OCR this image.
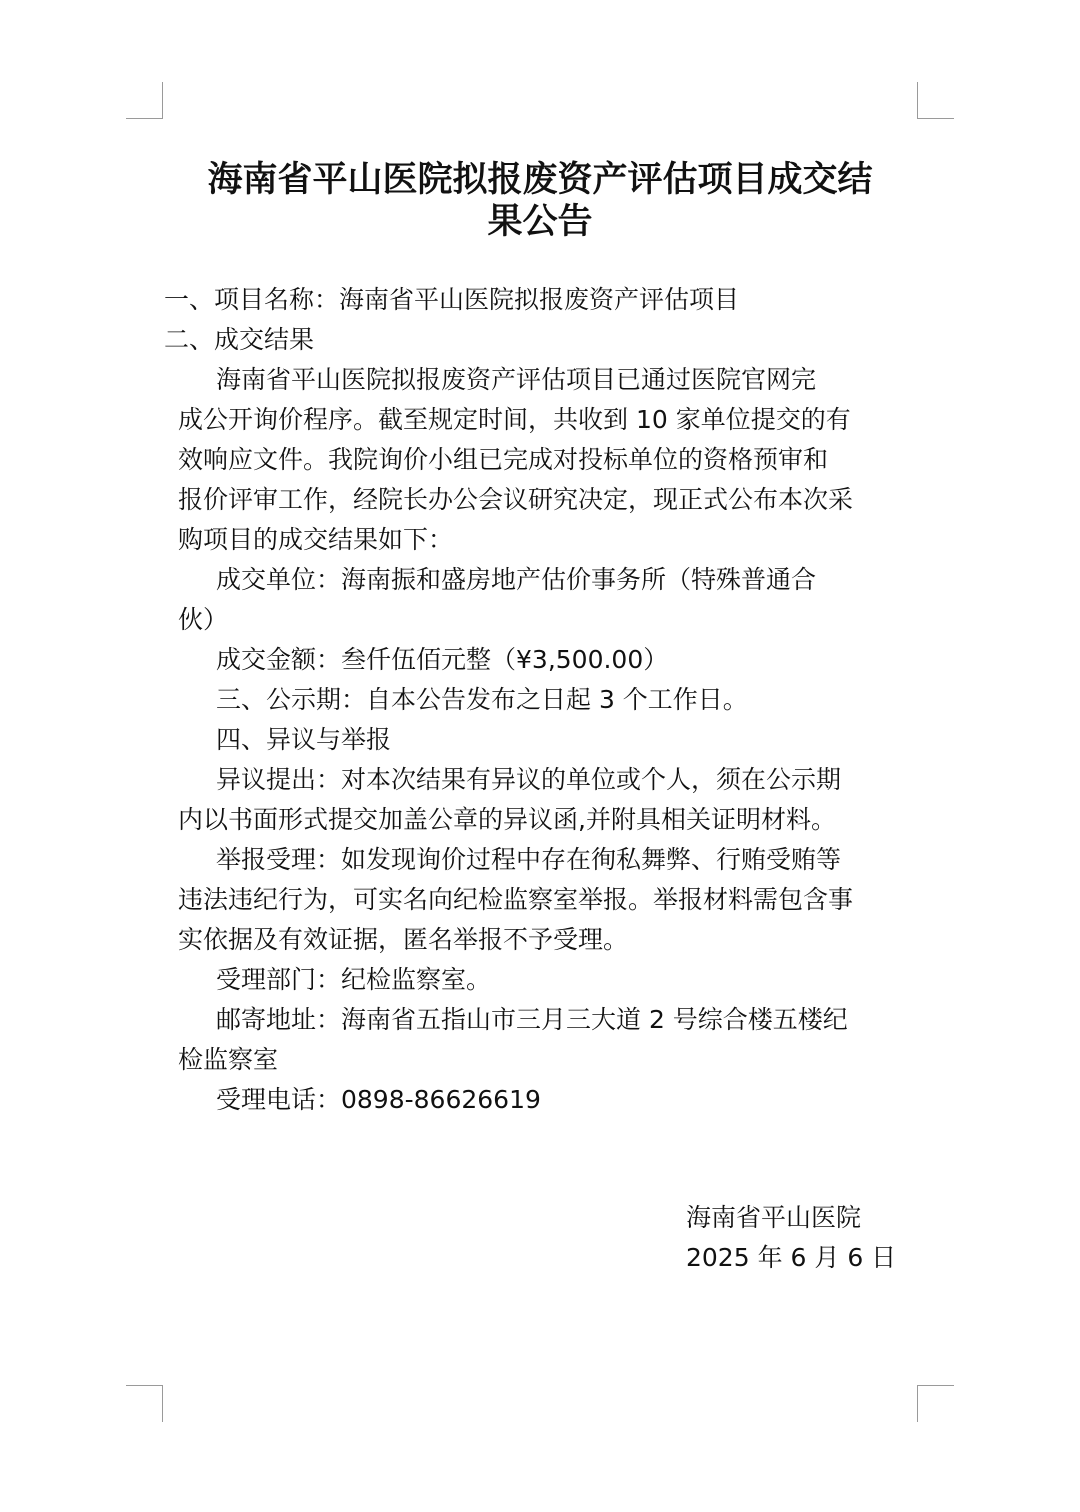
海南省平山医院拟报废资产评估项目成交结
果公告
一、项目名称：海南省平山医院拟报废资产评估项目
二、成交结果
海南省平山医院拟报废资产评估项目已通过医院官网完
成公开询价程序。截至规定时间，共收到 10 家单位提交的有
效响应文件。我院询价小组已完成对投标单位的资格预审和
报价评审工作，经院长办公会议研究决定，现正式公布本次采
购项目的成交结果如下：
成交单位：海南振和盛房地产估价事务所（特殊普通合
伙）
成交金额：叁仟伍佰元整（¥3,500.00）
三、公示期：自本公告发布之日起 3 个工作日。
四、异议与举报
异议提出：对本次结果有异议的单位或个人，须在公示期
内以书面形式提交加盖公章的异议函,并附具相关证明材料。
举报受理：如发现询价过程中存在徇私舞弊、行贿受贿等
违法违纪行为，可实名向纪检监察室举报。举报材料需包含事
实依据及有效证据，匿名举报不予受理。
受理部门：纪检监察室。
邮寄地址：海南省五指山市三月三大道 2 号综合楼五楼纪
检监察室
受理电话：0898-86626619
海南省平山医院
2025 年 6 月 6 日
